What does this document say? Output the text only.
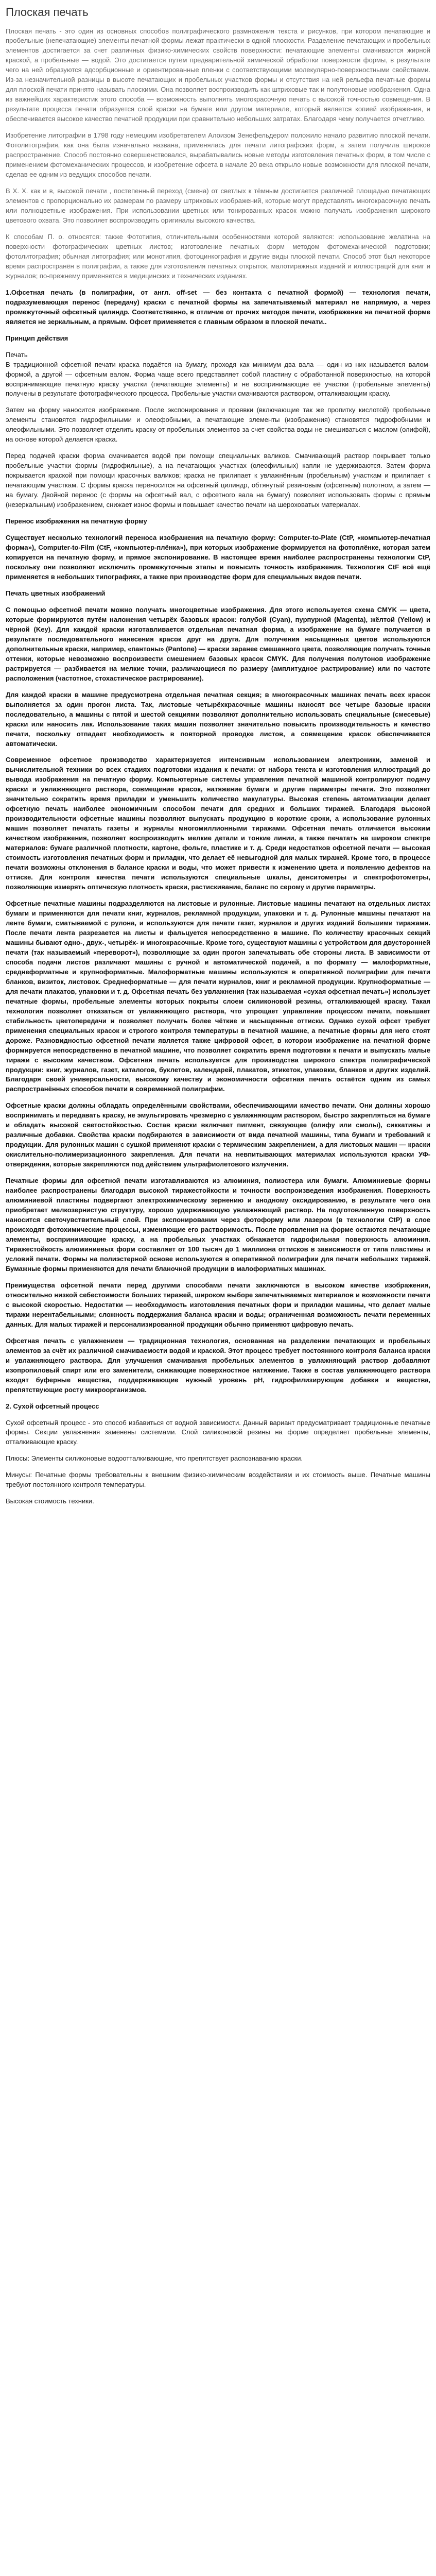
Плоская печать

Плоская печать - это один из основных способов полиграфического размножения текста и рисунков, при котором печатающие и пробельные (непечатающие) элементы печатной формы лежат практически в одной плоскости. Разделение печатающих и пробельных элементов достигается за счет различных физико-химических свойств поверхности: печатающие элементы смачиваются жирной краской, а пробельные — водой. Это достигается путем предварительной химической обработки поверхности формы, в результате чего на ней образуются адсорбционные и ориентированные пленки с соответствующими молекулярно-поверхностными свойствами. Из-за незначительной разницы в высоте печатающих и пробельных участков формы и отсутствия на ней рельефа печатные формы для плоской печати принято называть плоскими. Она позволяет воспроизводить как штриховые так и полутоновые изображения. Одна из важнейших характеристик этого способа — возможность выполнять многокрасочную печать с высокой точностью совмещения. В результате процесса печати образуется слой краски на бумаге или другом материале, который является копией изображения, и обеспечивается высокое качество печатной продукции при сравнительно небольших затратах. Благодаря чему получается отчетливо.

Изобретение литографии в 1798 году немецким изобретателем Алоизом Зенефельдером положило начало развитию плоской печати. Фотолитография, как она была изначально названа, применялась для печати литографских форм, а затем получила широкое распространение. Способ постоянно совершенствовался, вырабатывались новые методы изготовления печатных форм, в том числе с применением фотомеханических процессов, и изобретение офсета в начале 20 века открыло новые возможности для плоской печати, сделав ее одним из ведущих способов печати.

В Х. Х. как и в, высокой печати , постепенный переход (смена) от светлых к тёмным достигается различной площадью печатающих элементов с пропорционально их размерам по размеру штриховых изображений, которые могут представлять многокрасочную печать или полноцветные изображения. При использовании цветных или тонированных красок можно получать изображения широкого цветового охвата. Это позволяет воспроизводить оригиналы высокого качества.

К способам П. о. относятся: также Фототипия, отличительными особенностями которой являются: использование желатина на поверхности фотографических цветных листов; изготовление печатных форм методом фотомеханической подготовки; фотолитография; обычная литография; или монотипия, фотоцинкография и другие виды плоской печати. Способ этот был некоторое время распространён в полиграфии, а также для изготовления печатных открыток, малотиражных изданий и иллюстраций для книг и журналов; по-прежнему применяется в медицинских и технических изданиях.

1.Офсетная печать (в полиграфии, от англ. off-set — без контакта с печатной формой) — технология печати, подразумевающая перенос (передачу) краски с печатной формы на запечатываемый материал не напрямую, а через промежуточный офсетный цилиндр. Соответственно, в отличие от прочих методов печати, изображение на печатной форме является не зеркальным, а прямым. Офсет применяется с главным образом в плоской печати..

Принцип действия

Печать
В традиционной офсетной печати краска подаётся на бумагу, проходя как минимум два вала — один из них называется валом-формой, а другой — офсетным валом. Форма чаще всего представляет собой пластину с обработанной поверхностью, на которой воспринимающие печатную краску участки (печатающие элементы) и не воспринимающие её участки (пробельные элементы) получены в результате фотографического процесса. Пробельные участки смачиваются раствором, отталкивающим краску.

Затем на форму наносится изображение. После экспонирования и проявки (включающие так же пропитку кислотой) пробельные элементы становятся гидрофильными и олеофобными, а печатающие элементы (изображения) становятся гидрофобными и олеофильными. Это позволяет отделить краску от пробельных элементов за счет свойства воды не смешиваться с маслом (олифой), на основе которой делается краска.

Перед подачей краски форма смачивается водой при помощи специальных валиков. Смачивающий раствор покрывает только пробельные участки формы (гидрофильные), а на печатающих участках (олеофильных) капли не удерживаются. Затем форма покрывается краской при помощи красочных валиков; краска не прилипает к увлажнённым (пробельным) участкам и прилипает к печатающим участкам. С формы краска переносится на офсетный цилиндр, обтянутый резиновым (офсетным) полотном, а затем — на бумагу. Двойной перенос (с формы на офсетный вал, с офсетного вала на бумагу) позволяет использовать формы с прямым (незеркальным) изображением, снижает износ формы и повышает качество печати на шероховатых материалах.

Перенос изображения на печатную форму

Существует несколько технологий переноса изображения на печатную форму: Computer-to-Plate (CtP, «компьютер-печатная форма»), Computer-to-Film (CtF, «компьютер-плёнка»), при которых изображение формируется на фотоплёнке, которая затем копируется на печатную форму, и прямое экспонирование. В настоящее время наиболее распространены технологии CtP, поскольку они позволяют исключить промежуточные этапы и повысить точность изображения. Технология CtF всё ещё применяется в небольших типографиях, а также при производстве форм для специальных видов печати.

Печать цветных изображений

С помощью офсетной печати можно получать многоцветные изображения. Для этого используется схема CMYK — цвета, которые формируются путём наложения четырёх базовых красок: голубой (Cyan), пурпурной (Magenta), жёлтой (Yellow) и чёрной (Key). Для каждой краски изготавливается отдельная печатная форма, а изображение на бумаге получается в результате последовательного нанесения красок друг на друга. Для получения насыщенных цветов используются дополнительные краски, например, «пантоны» (Pantone) — краски заранее смешанного цвета, позволяющие получать точные оттенки, которые невозможно воспроизвести смешением базовых красок CMYK. Для получения полутонов изображение растрируется — разбивается на мелкие точки, различающиеся по размеру (амплитудное растрирование) или по частоте расположения (частотное, стохастическое растрирование).

Для каждой краски в машине предусмотрена отдельная печатная секция; в многокрасочных машинах печать всех красок выполняется за один прогон листа. Так, листовые четырёхкрасочные машины наносят все четыре базовые краски последовательно, а машины с пятой и шестой секциями позволяют дополнительно использовать специальные (смесевые) краски или наносить лак. Использование таких машин позволяет значительно повысить производительность и качество печати, поскольку отпадает необходимость в повторной проводке листов, а совмещение красок обеспечивается автоматически.

Современное офсетное производство характеризуется интенсивным использованием электроники, заменой и вычислительной техники во всех стадиях подготовки издания к печати: от набора текста и изготовления иллюстраций до вывода изображения на печатную форму. Компьютерные системы управления печатной машиной контролируют подачу краски и увлажняющего раствора, совмещение красок, натяжение бумаги и другие параметры печати. Это позволяет значительно сократить время приладки и уменьшить количество макулатуры. Высокая степень автоматизации делает офсетную печать наиболее экономичным способом печати для средних и больших тиражей. Благодаря высокой производительности офсетные машины позволяют выпускать продукцию в короткие сроки, а использование рулонных машин позволяет печатать газеты и журналы многомиллионными тиражами. Офсетная печать отличается высоким качеством изображения, позволяет воспроизводить мелкие детали и тонкие линии, а также печатать на широком спектре материалов: бумаге различной плотности, картоне, фольге, пластике и т. д. Среди недостатков офсетной печати — высокая стоимость изготовления печатных форм и приладки, что делает её невыгодной для малых тиражей. Кроме того, в процессе печати возможны отклонения в балансе краски и воды, что может привести к изменению цвета и появлению дефектов на оттиске. Для контроля качества печати используются специальные шкалы, денситометры и спектрофотометры, позволяющие измерять оптическую плотность краски, растискивание, баланс по серому и другие параметры.

Офсетные печатные машины подразделяются на листовые и рулонные. Листовые машины печатают на отдельных листах бумаги и применяются для печати книг, журналов, рекламной продукции, упаковки и т. д. Рулонные машины печатают на ленте бумаги, сматываемой с рулона, и используются для печати газет, журналов и других изданий большими тиражами. После печати лента разрезается на листы и фальцуется непосредственно в машине. По количеству красочных секций машины бывают одно-, двух-, четырёх- и многокрасочные. Кроме того, существуют машины с устройством для двусторонней печати (так называемый «переворот»), позволяющие за один прогон запечатывать обе стороны листа. В зависимости от способа подачи листов различают машины с ручной и автоматической подачей, а по формату — малоформатные, среднеформатные и крупноформатные. Малоформатные машины используются в оперативной полиграфии для печати бланков, визиток, листовок. Среднеформатные — для печати журналов, книг и рекламной продукции. Крупноформатные — для печати плакатов, упаковки и т. д. Офсетная печать без увлажнения (так называемая «сухая офсетная печать») использует печатные формы, пробельные элементы которых покрыты слоем силиконовой резины, отталкивающей краску. Такая технология позволяет отказаться от увлажняющего раствора, что упрощает управление процессом печати, повышает стабильность цветопередачи и позволяет получать более чёткие и насыщенные оттиски. Однако сухой офсет требует применения специальных красок и строгого контроля температуры в печатной машине, а печатные формы для него стоят дороже. Разновидностью офсетной печати является также цифровой офсет, в котором изображение на печатной форме формируется непосредственно в печатной машине, что позволяет сократить время подготовки к печати и выпускать малые тиражи с высоким качеством. Офсетная печать используется для производства широкого спектра полиграфической продукции: книг, журналов, газет, каталогов, буклетов, календарей, плакатов, этикеток, упаковки, бланков и других изделий. Благодаря своей универсальности, высокому качеству и экономичности офсетная печать остаётся одним из самых распространённых способов печати в современной полиграфии.

Офсетные краски должны обладать определёнными свойствами, обеспечивающими качество печати. Они должны хорошо воспринимать и передавать краску, не эмульгировать чрезмерно с увлажняющим раствором, быстро закрепляться на бумаге и обладать высокой светостойкостью. Состав краски включает пигмент, связующее (олифу или смолы), сиккативы и различные добавки. Свойства краски подбираются в зависимости от вида печатной машины, типа бумаги и требований к продукции. Для рулонных машин с сушкой применяют краски с термическим закреплением, а для листовых машин — краски окислительно-полимеризационного закрепления. Для печати на невпитывающих материалах используются краски УФ-отверждения, которые закрепляются под действием ультрафиолетового излучения.

Печатные формы для офсетной печати изготавливаются из алюминия, полиэстера или бумаги. Алюминиевые формы наиболее распространены благодаря высокой тиражестойкости и точности воспроизведения изображения. Поверхность алюминиевой пластины подвергают электрохимическому зернению и анодному оксидированию, в результате чего она приобретает мелкозернистую структуру, хорошо удерживающую увлажняющий раствор. На подготовленную поверхность наносится светочувствительный слой. При экспонировании через фотоформу или лазером (в технологии CtP) в слое происходят фотохимические процессы, изменяющие его растворимость. После проявления на форме остаются печатающие элементы, воспринимающие краску, а на пробельных участках обнажается гидрофильная поверхность алюминия. Тиражестойкость алюминиевых форм составляет от 100 тысяч до 1 миллиона оттисков в зависимости от типа пластины и условий печати. Формы на полиэстерной основе используются в оперативной полиграфии для печати небольших тиражей. Бумажные формы применяются для печати бланочной продукции в малоформатных машинах.

Преимущества офсетной печати перед другими способами печати заключаются в высоком качестве изображения, относительно низкой себестоимости больших тиражей, широком выборе запечатываемых материалов и возможности печати с высокой скоростью. Недостатки — необходимость изготовления печатных форм и приладки машины, что делает малые тиражи нерентабельными; сложность поддержания баланса краски и воды; ограниченная возможность печати переменных данных. Для малых тиражей и персонализированной продукции обычно применяют цифровую печать.

Офсетная печать с увлажнением — традиционная технология, основанная на разделении печатающих и пробельных элементов за счёт их различной смачиваемости водой и краской. Этот процесс требует постоянного контроля баланса краски и увлажняющего раствора. Для улучшения смачивания пробельных элементов в увлажняющий раствор добавляют изопропиловый спирт или его заменители, снижающие поверхностное натяжение. Также в состав увлажняющего раствора входят буферные вещества, поддерживающие нужный уровень pH, гидрофилизирующие добавки и вещества, препятствующие росту микроорганизмов.

2. Сухой офсетный процесс

Сухой офсетный процесс - это способ избавиться от водной зависимости. Данный вариант предусматривает традиционные печатные формы. Секции увлажнения заменены системами. Слой силиконовой резины на форме определяет пробельные элементы, отталкивающие краску.

Плюсы: Элементы силиконовые водоотталкивающие, что препятствует распознаванию краски.

Минусы: Печатные формы требовательны к внешним физико-химическим воздействиям и их стоимость выше. Печатные машины требуют постоянного контроля температуры.

Высокая стоимость техники.
